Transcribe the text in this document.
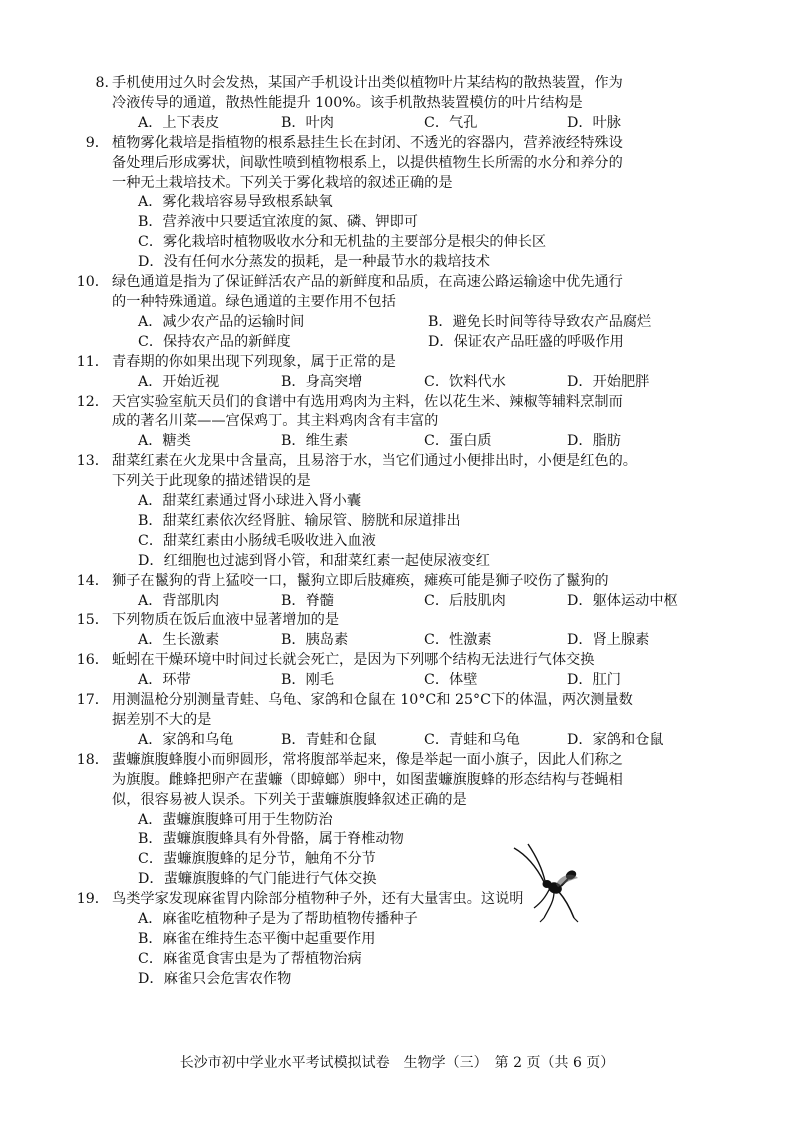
8. 手机使用过久时会发热，某国产手机设计出类似植物叶片某结构的散热装置，作为
冷液传导的通道，散热性能提升 100%。该手机散热装置模仿的叶片结构是
A．上下表皮	B．叶肉	C．气孔	D．叶脉
9． 植物雾化栽培是指植物的根系悬挂生长在封闭、不透光的容器内，营养液经特殊设
备处理后形成雾状，间歇性喷到植物根系上，以提供植物生长所需的水分和养分的
一种无土栽培技术。下列关于雾化栽培的叙述正确的是
A．雾化栽培容易导致根系缺氧
B．营养液中只要适宜浓度的氮、磷、钾即可
C．雾化栽培时植物吸收水分和无机盐的主要部分是根尖的伸长区
D．没有任何水分蒸发的损耗，是一种最节水的栽培技术
10． 绿色通道是指为了保证鲜活农产品的新鲜度和品质，在高速公路运输途中优先通行
的一种特殊通道。绿色通道的主要作用不包括
A．减少农产品的运输时间	B．避免长时间等待导致农产品腐烂
C．保持农产品的新鲜度	D．保证农产品旺盛的呼吸作用
11． 青春期的你如果出现下列现象，属于正常的是
A．开始近视	B．身高突增	C．饮料代水	D．开始肥胖
12． 天宫实验室航天员们的食谱中有选用鸡肉为主料，佐以花生米、辣椒等辅料烹制而
成的著名川菜——宫保鸡丁。其主料鸡肉含有丰富的
A．糖类	B．维生素	C．蛋白质	D．脂肪
13． 甜菜红素在火龙果中含量高，且易溶于水，当它们通过小便排出时，小便是红色的。
下列关于此现象的描述错误的是
A．甜菜红素通过肾小球进入肾小囊
B．甜菜红素依次经肾脏、输尿管、膀胱和尿道排出
C．甜菜红素由小肠绒毛吸收进入血液
D．红细胞也过滤到肾小管，和甜菜红素一起使尿液变红
14． 狮子在鬣狗的背上猛咬一口，鬣狗立即后肢瘫痪，瘫痪可能是狮子咬伤了鬣狗的
A．背部肌肉	B．脊髓	C．后肢肌肉	D．躯体运动中枢
15． 下列物质在饭后血液中显著增加的是
A．生长激素	B．胰岛素	C．性激素	D．肾上腺素
16． 蚯蚓在干燥环境中时间过长就会死亡，是因为下列哪个结构无法进行气体交换
A．环带	B．刚毛	C．体壁	D．肛门
17． 用测温枪分别测量青蛙、乌龟、家鸽和仓鼠在 10°C和 25°C下的体温，两次测量数
据差别不大的是
A．家鸽和乌龟	B．青蛙和仓鼠	C．青蛙和乌龟	D．家鸽和仓鼠
18． 蜚蠊旗腹蜂腹小而卵圆形，常将腹部举起来，像是举起一面小旗子，因此人们称之
为旗腹。雌蜂把卵产在蜚蠊（即蟑螂）卵中，如图蜚蠊旗腹蜂的形态结构与苍蝇相
似，很容易被人误杀。下列关于蜚蠊旗腹蜂叙述正确的是
A．蜚蠊旗腹蜂可用于生物防治
B．蜚蠊旗腹蜂具有外骨骼，属于脊椎动物
C．蜚蠊旗腹蜂的足分节，触角不分节
D．蜚蠊旗腹蜂的气门能进行气体交换
19． 鸟类学家发现麻雀胃内除部分植物种子外，还有大量害虫。这说明
A．麻雀吃植物种子是为了帮助植物传播种子
B．麻雀在维持生态平衡中起重要作用
C．麻雀觅食害虫是为了帮植物治病
D．麻雀只会危害农作物
长沙市初中学业水平考试模拟试卷　生物学（三）　第 2 页（共 6 页）
